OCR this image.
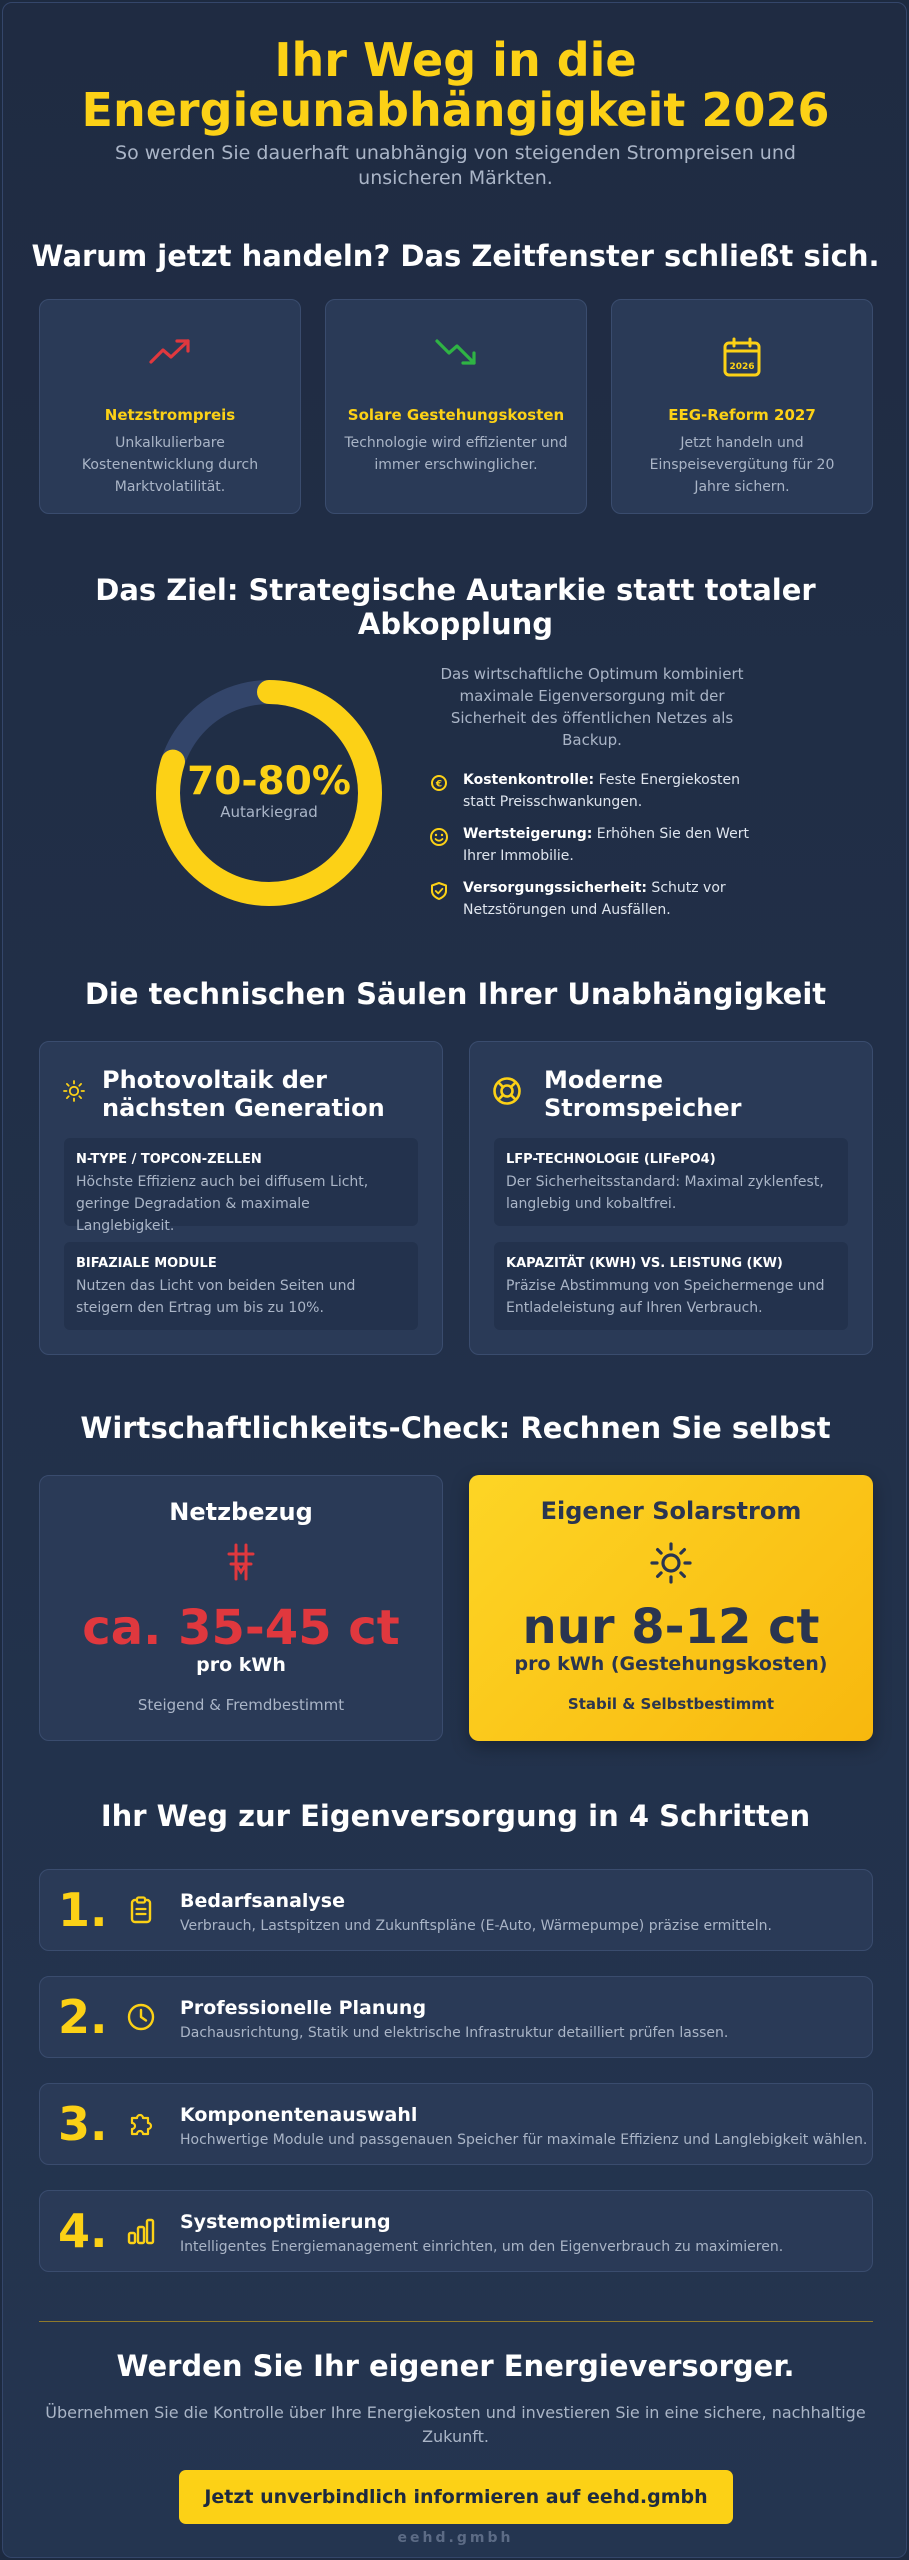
Ihr Weg in die
Energieunabhängigkeit 2026
So werden Sie dauerhaft unabhängig von steigenden Strompreisen und unsicheren Märkten.
Warum jetzt handeln? Das Zeitfenster schließt sich.
Netzstrompreis
Unkalkulierbare Kostenentwicklung durch Marktvolatilität.
Solare Gestehungskosten
Technologie wird effizienter und immer erschwinglicher.
2026
EEG-Reform 2027
Jetzt handeln und Einspeisevergütung für 20 Jahre sichern.
Das Ziel: Strategische Autarkie statt totaler
Abkopplung
70-80%
Autarkiegrad
Das wirtschaftliche Optimum kombiniert maximale Eigenversorgung mit der Sicherheit des öffentlichen Netzes als Backup.
€ Kostenkontrolle: Feste Energiekosten statt Preisschwankungen.
Wertsteigerung: Erhöhen Sie den Wert Ihrer Immobilie.
Versorgungssicherheit: Schutz vor Netzstörungen und Ausfällen.
Die technischen Säulen Ihrer Unabhängigkeit
Photovoltaik der
nächsten Generation
N-TYPE / TOPCON-ZELLEN
Höchste Effizienz auch bei diffusem Licht, geringe Degradation & maximale Langlebigkeit.
BIFAZIALE MODULE
Nutzen das Licht von beiden Seiten und steigern den Ertrag um bis zu 10%.
Moderne
Stromspeicher
LFP-TECHNOLOGIE (LIFePO4)
Der Sicherheitsstandard: Maximal zyklenfest, langlebig und kobaltfrei.
KAPAZITÄT (KWH) VS. LEISTUNG (KW)
Präzise Abstimmung von Speichermenge und Entladeleistung auf Ihren Verbrauch.
Wirtschaftlichkeits-Check: Rechnen Sie selbst
Netzbezug
ca. 35-45 ct
pro kWh
Steigend & Fremdbestimmt
Eigener Solarstrom
nur 8-12 ct
pro kWh (Gestehungskosten)
Stabil & Selbstbestimmt
Ihr Weg zur Eigenversorgung in 4 Schritten
1.	Bedarfsanalyse
Verbrauch, Lastspitzen und Zukunftspläne (E-Auto, Wärmepumpe) präzise ermitteln.
2.	Professionelle Planung
Dachausrichtung, Statik und elektrische Infrastruktur detailliert prüfen lassen.
3.	Komponentenauswahl
Hochwertige Module und passgenauen Speicher für maximale Effizienz und Langlebigkeit wählen.
4.	Systemoptimierung
Intelligentes Energiemanagement einrichten, um den Eigenverbrauch zu maximieren.
Werden Sie Ihr eigener Energieversorger.
Übernehmen Sie die Kontrolle über Ihre Energiekosten und investieren Sie in eine sichere, nachhaltige Zukunft.
Jetzt unverbindlich informieren auf eehd.gmbh
eehd.gmbh
